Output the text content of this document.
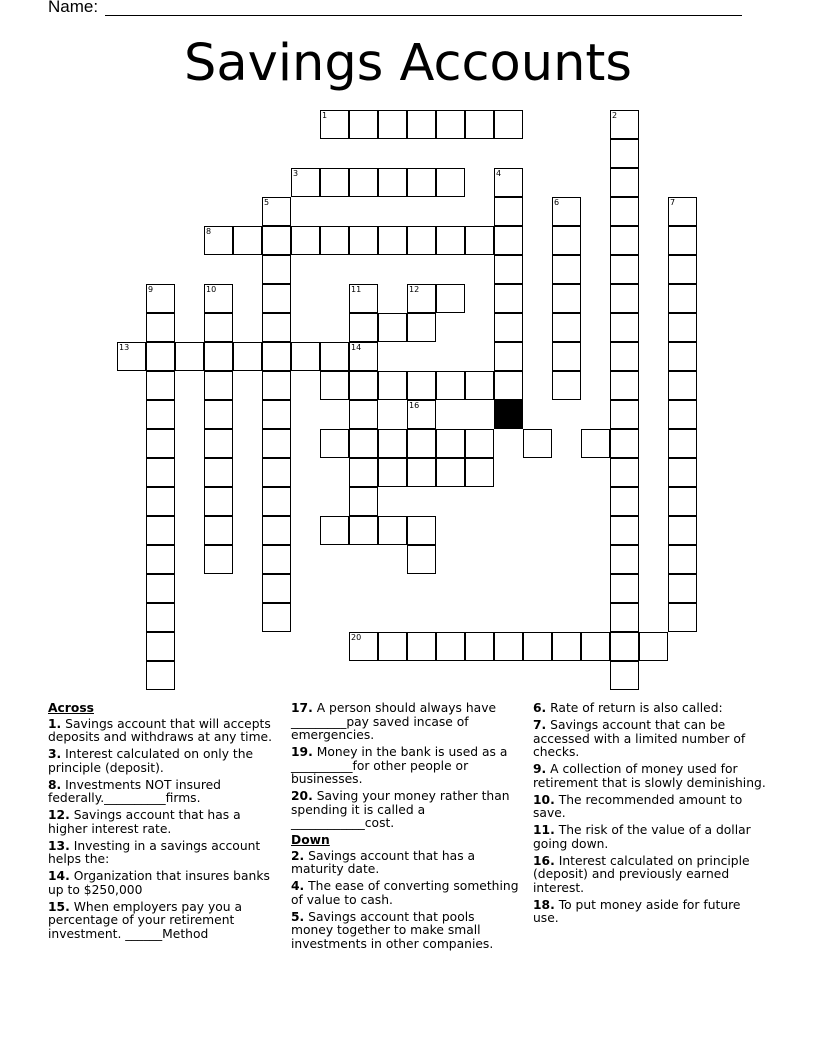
Name:
Savings Accounts
1	2
3	4
5	6	7
8
9	10	11
14
12
13
16
20
Across
1. Savings account that will accepts deposits and withdraws at any time.
3. Interest calculated on only the principle (deposit).
8. Investments NOT insured federally.__________firms.
12. Savings account that has a higher interest rate.
13. Investing in a savings account helps the:
14. Organization that insures banks up to $250,000
15. When employers pay you a percentage of your retirement investment. ______Method
17. A person should always have _________pay saved incase of emergencies.
19. Money in the bank is used as a __________for other people or businesses.
20. Saving your money rather than spending it is called a ____________cost.
Down
2. Savings account that has a maturity date.
4. The ease of converting something of value to cash.
5. Savings account that pools money together to make small investments in other companies.
6. Rate of return is also called:
7. Savings account that can be accessed with a limited number of checks.
9. A collection of money used for retirement that is slowly deminishing.
10. The recommended amount to save.
11. The risk of the value of a dollar going down.
16. Interest calculated on principle (deposit) and previously earned interest.
18. To put money aside for future use.
